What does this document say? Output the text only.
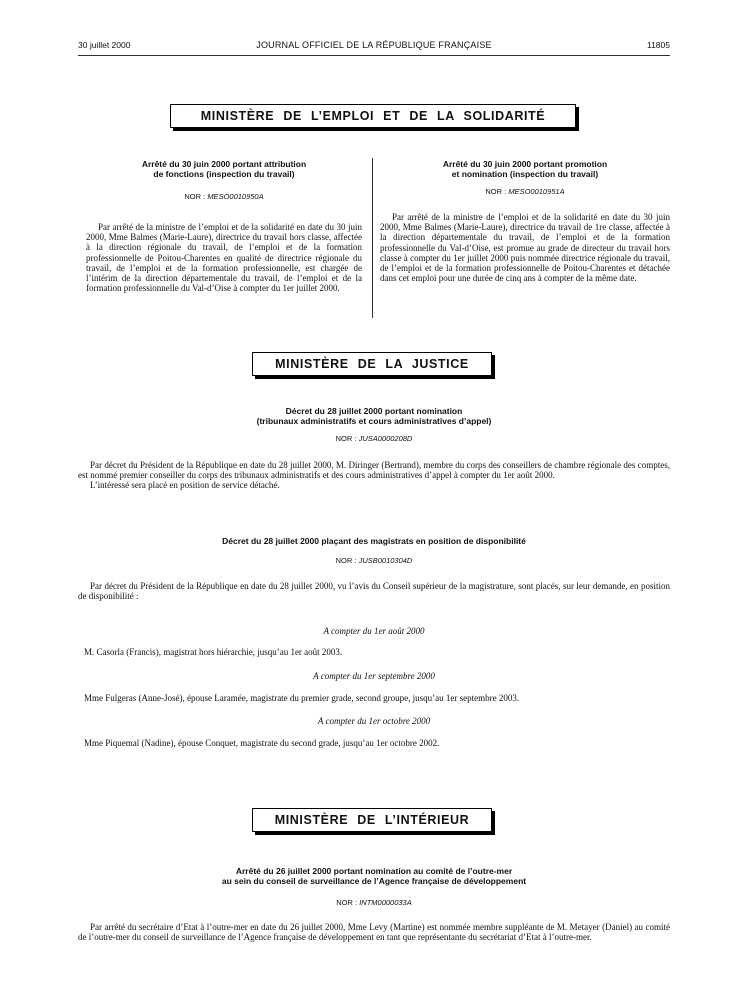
30 juillet 2000	JOURNAL OFFICIEL DE LA RÉPUBLIQUE FRANÇAISE	11805
MINISTÈRE DE L’EMPLOI ET DE LA SOLIDARITÉ
Arrêté du 30 juin 2000 portant attribution
de fonctions (inspection du travail)
NOR : MESO0010950A

Par arrêté de la ministre de l’emploi et de la solidarité en date du 30 juin 2000, Mme Balmes (Marie-Laure), directrice du travail hors classe, affectée à la direction régionale du travail, de l’emploi et de la formation professionnelle de Poitou-Charentes en qualité de directrice régionale du travail, de l’emploi et de la formation professionnelle, est chargée de l’intérim de la direction départementale du travail, de l’emploi et de la formation professionnelle du Val-d’Oise à compter du 1er juillet 2000.

Arrêté du 30 juin 2000 portant promotion
et nomination (inspection du travail)
NOR : MESO0010951A

Par arrêté de la ministre de l’emploi et de la solidarité en date du 30 juin 2000, Mme Balmes (Marie-Laure), directrice du travail de 1re classe, affectée à la direction départementale du travail, de l’emploi et de la formation professionnelle du Val-d’Oise, est promue au grade de directeur du travail hors classe à compter du 1er juillet 2000 puis nommée directrice régionale du travail, de l’emploi et de la formation professionnelle de Poitou-Charentes et détachée dans cet emploi pour une durée de cinq ans à compter de la même date.

MINISTÈRE DE LA JUSTICE
Décret du 28 juillet 2000 portant nomination
(tribunaux administratifs et cours administratives d’appel)
NOR : JUSA0000208D

Par décret du Président de la République en date du 28 juillet 2000, M. Diringer (Bertrand), membre du corps des conseillers de chambre régionale des comptes, est nommé premier conseiller du corps des tribunaux administratifs et des cours administratives d’appel à compter du 1er août 2000.

L’intéressé sera placé en position de service détaché.

Décret du 28 juillet 2000 plaçant des magistrats en position de disponibilité
NOR : JUSB0010304D

Par décret du Président de la République en date du 28 juillet 2000, vu l’avis du Conseil supérieur de la magistrature, sont placés, sur leur demande, en position de disponibilité :

A compter du 1er août 2000
M. Casorla (Francis), magistrat hors hiérarchie, jusqu’au 1er août 2003.
A compter du 1er septembre 2000
Mme Fulgeras (Anne-José), épouse Laramée, magistrate du premier grade, second groupe, jusqu’au 1er septembre 2003.
A compter du 1er octobre 2000
Mme Piquemal (Nadine), épouse Conquet, magistrate du second grade, jusqu’au 1er octobre 2002.
MINISTÈRE DE L’INTÉRIEUR
Arrêté du 26 juillet 2000 portant nomination au comité de l’outre-mer
au sein du conseil de surveillance de l’Agence française de développement
NOR : INTM0000033A

Par arrêté du secrétaire d’Etat à l’outre-mer en date du 26 juillet 2000, Mme Levy (Martine) est nommée membre suppléante de M. Metayer (Daniel) au comité de l’outre-mer du conseil de surveillance de l’Agence française de développement en tant que représentante du secrétariat d’Etat à l’outre-mer.
